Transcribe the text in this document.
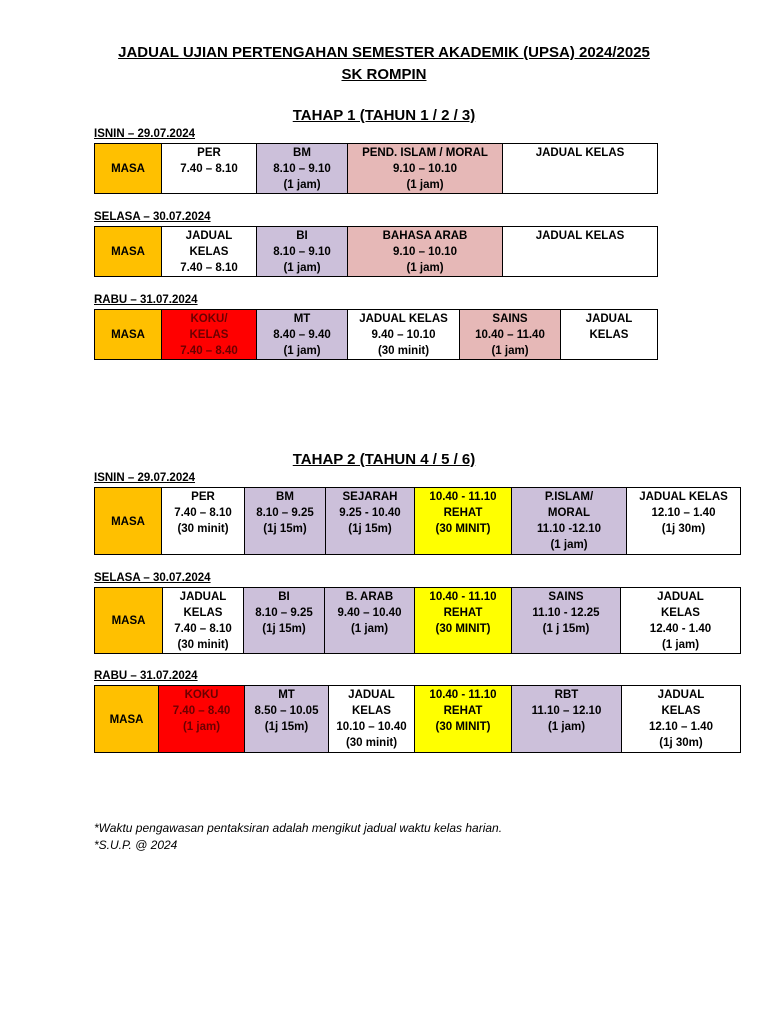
JADUAL UJIAN PERTENGAHAN SEMESTER AKADEMIK (UPSA) 2024/2025
SK ROMPIN
TAHAP 1 (TAHUN 1 / 2 / 3)
TAHAP 2 (TAHUN 4 / 5 / 6)
ISNIN – 29.07.2024
MASA

PER
7.40 – 8.10

BM
8.10 – 9.10
(1 jam)

PEND. ISLAM / MORAL
9.10 – 10.10
(1 jam)

JADUAL KELAS
SELASA – 30.07.2024
MASA

JADUAL
KELAS
7.40 – 8.10

BI
8.10 – 9.10
(1 jam)

BAHASA ARAB
9.10 – 10.10
(1 jam)

JADUAL KELAS
RABU – 31.07.2024
MASA

KOKU/
KELAS
7.40 – 8.40

MT
8.40 – 9.40
(1 jam)

JADUAL KELAS
9.40 – 10.10
(30 minit)

SAINS
10.40 – 11.40
(1 jam)

JADUAL
KELAS
ISNIN – 29.07.2024
MASA

PER
7.40 – 8.10
(30 minit)

BM
8.10 – 9.25
(1j 15m)

SEJARAH
9.25 - 10.40
(1j 15m)

10.40 - 11.10
REHAT
(30 MINIT)

P.ISLAM/
MORAL
11.10 -12.10
(1 jam)

JADUAL KELAS
12.10 – 1.40
(1j 30m)
SELASA – 30.07.2024
MASA

JADUAL
KELAS
7.40 – 8.10
(30 minit)

BI
8.10 – 9.25
(1j 15m)

B. ARAB
9.40 – 10.40
(1 jam)

10.40 - 11.10
REHAT
(30 MINIT)

SAINS
11.10 - 12.25
(1 j 15m)

JADUAL
KELAS
12.40 - 1.40
(1 jam)
RABU – 31.07.2024
MASA

KOKU
7.40 – 8.40
(1 jam)

MT
8.50 – 10.05
(1j 15m)

JADUAL
KELAS
10.10 – 10.40
(30 minit)

10.40 - 11.10
REHAT
(30 MINIT)

RBT
11.10 – 12.10
(1 jam)

JADUAL
KELAS
12.10 – 1.40
(1j 30m)
*Waktu pengawasan pentaksiran adalah mengikut jadual waktu kelas harian.
*S.U.P. @ 2024
